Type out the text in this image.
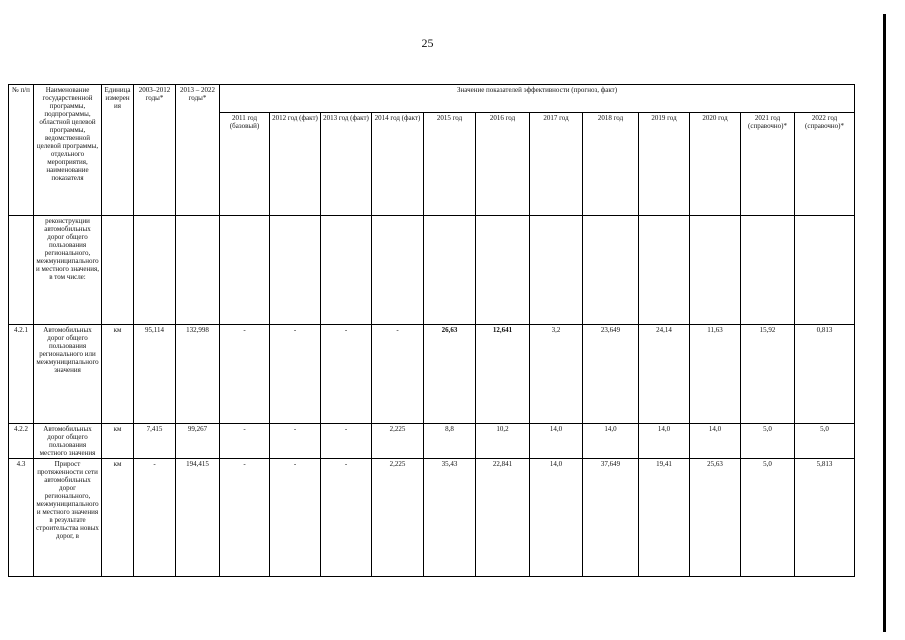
25
№ п/п	Наименование государственной программы, подпрограммы, областной целевой программы, ведомственной целевой программы, отдельного мероприятия, наименование показателя	Единица измерения	2003–2012 годы*	2013 – 2022 годы*	Значение показателей эффективности (прогноз, факт)											
					2011 год (базовый)	2012 год (факт)	2013 год (факт)	2014 год (факт)	2015 год	2016 год	2017 год	2018 год	2019 год	2020 год	2021 год (справочно)*	2022 год (справочно)*
	реконструкции автомобильных дорог общего пользования регионального, межмуниципального и местного значения, в том числе:															
4.2.1	Автомобильных дорог общего пользования регионального или межмуниципального значения	км	95,114	132,998	-	-	-	-	26,63	12,641	3,2	23,649	24,14	11,63	15,92	0,813
4.2.2	Автомобильных дорог общего пользования местного значения	км	7,415	99,267	-	-	-	2,225	8,8	10,2	14,0	14,0	14,0	14,0	5,0	5,0
4.3	Прирост протяженности сети автомобильных дорог регионального, межмуниципального и местного значения в результате строительства новых дорог, в	км	-	194,415	-	-	-	2,225	35,43	22,841	14,0	37,649	19,41	25,63	5,0	5,813
